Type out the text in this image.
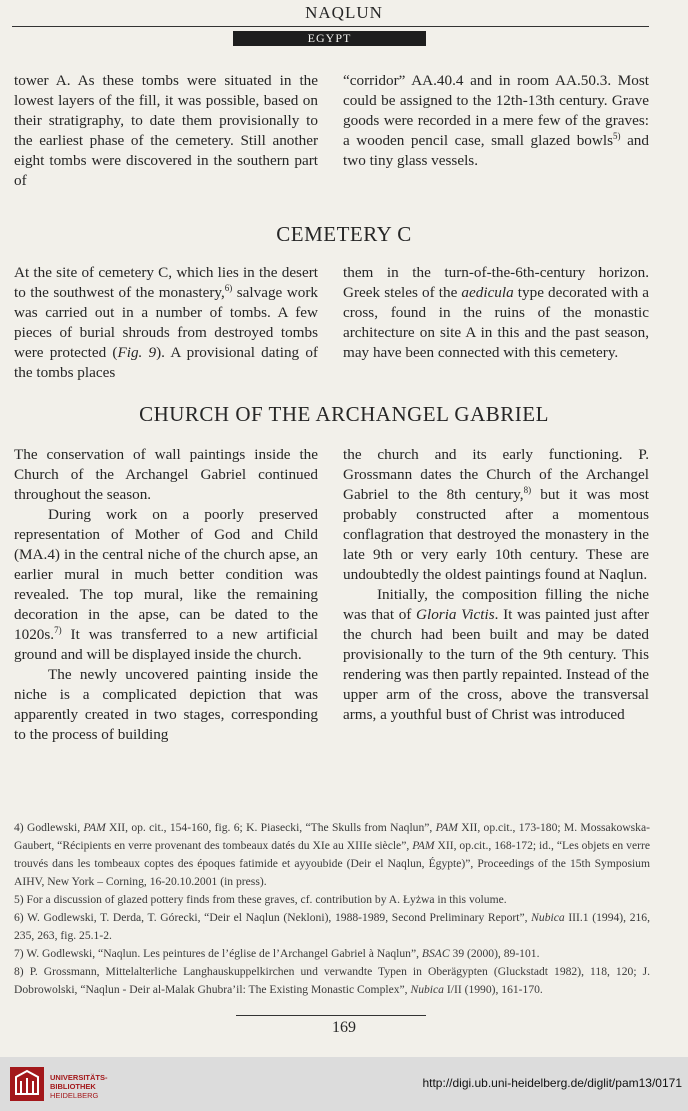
NAQLUN
EGYPT

tower A. As these tombs were situated in the lowest layers of the fill, it was possible, based on their stratigraphy, to date them provisionally to the earliest phase of the cemetery. Still another eight tombs were discovered in the southern part of

“corridor” AA.40.4 and in room AA.50.3. Most could be assigned to the 12th-13th century. Grave goods were recorded in a mere few of the graves: a wooden pencil case, small glazed bowls$^{5)}$ and two tiny glass vessels.

CEMETERY C

At the site of cemetery C, which lies in the desert to the southwest of the monastery,$^{6)}$ salvage work was carried out in a number of tombs. A few pieces of burial shrouds from destroyed tombs were protected (Fig. 9). A provisional dating of the tombs places

them in the turn-of-the-6th-century horizon. Greek steles of the aedicula type decorated with a cross, found in the ruins of the monastic architecture on site A in this and the past season, may have been connected with this cemetery.

CHURCH OF THE ARCHANGEL GABRIEL

The conservation of wall paintings inside the Church of the Archangel Gabriel continued throughout the season.

During work on a poorly preserved representation of Mother of God and Child (MA.4) in the central niche of the church apse, an earlier mural in much better condition was revealed. The top mural, like the remaining decoration in the apse, can be dated to the 1020s.$^{7)}$ It was transferred to a new artificial ground and will be displayed inside the church.

The newly uncovered painting inside the niche is a complicated depiction that was apparently created in two stages, corresponding to the process of building

the church and its early functioning. P. Grossmann dates the Church of the Archangel Gabriel to the 8th century,$^{8)}$ but it was most probably constructed after a momentous conflagration that destroyed the monastery in the late 9th or very early 10th century. These are undoubtedly the oldest paintings found at Naqlun.

Initially, the composition filling the niche was that of Gloria Victis. It was painted just after the church had been built and may be dated provisionally to the turn of the 9th century. This rendering was then partly repainted. Instead of the upper arm of the cross, above the transversal arms, a youthful bust of Christ was introduced

4) Godlewski, PAM XII, op. cit., 154-160, fig. 6; K. Piasecki, “The Skulls from Naqlun”, PAM XII, op.cit., 173-180; M. Mossakowska-Gaubert, “Récipients en verre provenant des tombeaux datés du XIe au XIIIe siècle”, PAM XII, op.cit., 168-172; id., “Les objets en verre trouvés dans les tombeaux coptes des époques fatimide et ayyoubide (Deir el Naqlun, Égypte)”, Proceedings of the 15th Symposium AIHV, New York – Corning, 16-20.10.2001 (in press).

5) For a discussion of glazed pottery finds from these graves, cf. contribution by A. Łyżwa in this volume.

6) W. Godlewski, T. Derda, T. Górecki, “Deir el Naqlun (Nekloni), 1988-1989, Second Preliminary Report”, Nubica III.1 (1994), 216, 235, 263, fig. 25.1-2.

7) W. Godlewski, “Naqlun. Les peintures de l’église de l’Archangel Gabriel à Naqlun”, BSAC 39 (2000), 89-101.

8) P. Grossmann, Mittelalterliche Langhauskuppelkirchen und verwandte Typen in Oberägypten (Gluckstadt 1982), 118, 120; J. Dobrowolski, “Naqlun - Deir al-Malak Ghubra’il: The Existing Monastic Complex”, Nubica I/II (1990), 161-170.

169
UNIVERSITÄTS-
BIBLIOTHEK
HEIDELBERG
http://digi.ub.uni-heidelberg.de/diglit/pam13/0171
